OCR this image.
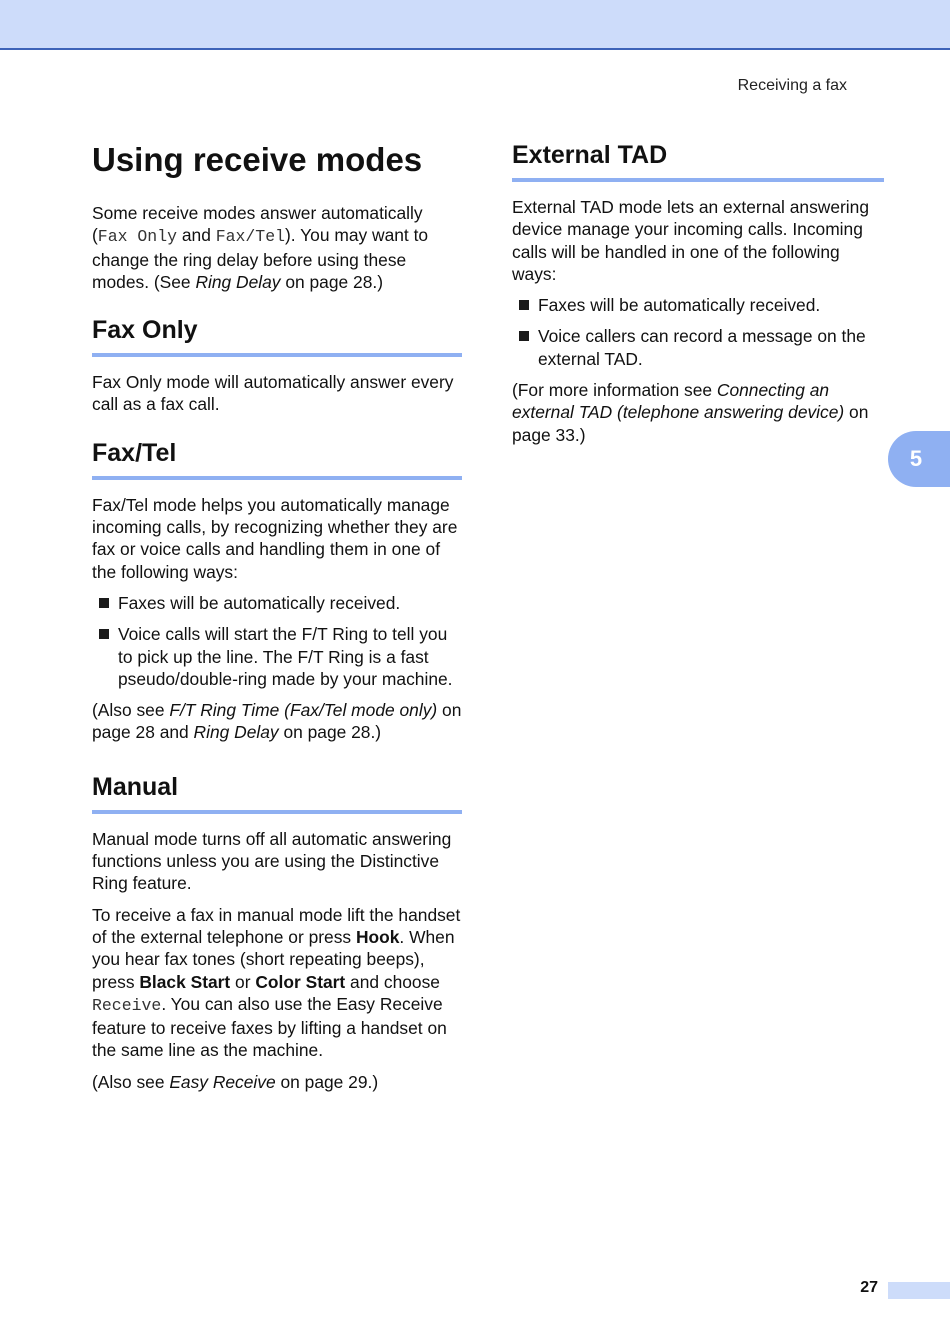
Receiving a fax
5
Using receive modes

Some receive modes answer automatically (Fax Only and Fax/Tel). You may want to change the ring delay before using these modes. (See Ring Delay on page 28.)

Fax Only

Fax Only mode will automatically answer every call as a fax call.

Fax/Tel

Fax/Tel mode helps you automatically manage incoming calls, by recognizing whether they are fax or voice calls and handling them in one of the following ways:

Faxes will be automatically received.
Voice calls will start the F/T Ring to tell you to pick up the line. The F/T Ring is a fast pseudo/double-ring made by your machine.

(Also see F/T Ring Time (Fax/Tel mode only) on page 28 and Ring Delay on page 28.)

Manual

Manual mode turns off all automatic answering functions unless you are using the Distinctive Ring feature.

To receive a fax in manual mode lift the handset of the external telephone or press Hook. When you hear fax tones (short repeating beeps), press Black Start or Color Start and choose Receive. You can also use the Easy Receive feature to receive faxes by lifting a handset on the same line as the machine.

(Also see Easy Receive on page 29.)

External TAD

External TAD mode lets an external answering device manage your incoming calls. Incoming calls will be handled in one of the following ways:

Faxes will be automatically received.
Voice callers can record a message on the external TAD.

(For more information see Connecting an external TAD (telephone answering device) on page 33.)

27
